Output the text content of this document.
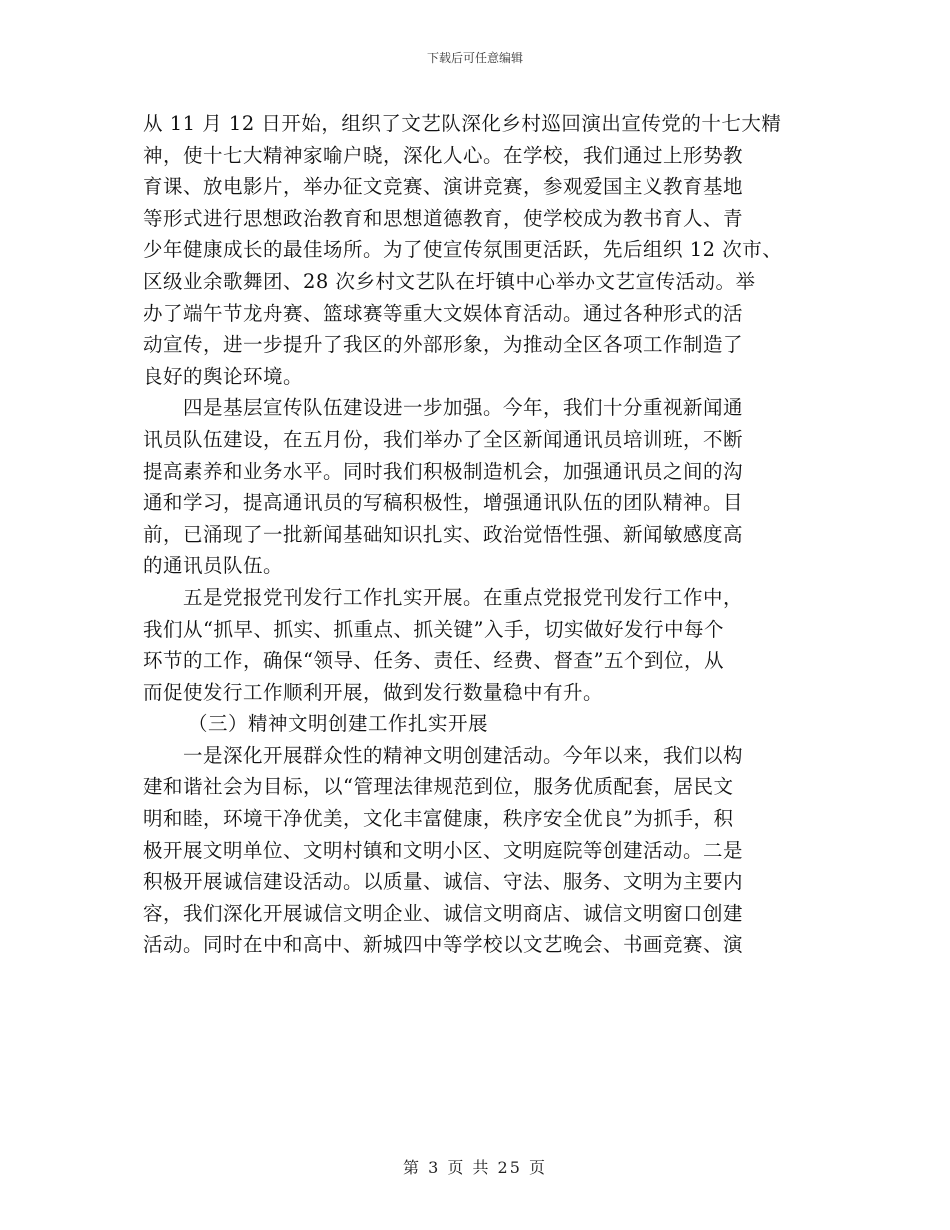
下载后可任意编辑
从 11 月 12 日开始，组织了文艺队深化乡村巡回演出宣传党的十七大精
神，使十七大精神家喻户晓，深化人心。在学校，我们通过上形势教
育课、放电影片，举办征文竞赛、演讲竞赛，参观爱国主义教育基地
等形式进行思想政治教育和思想道德教育，使学校成为教书育人、青
少年健康成长的最佳场所。为了使宣传氛围更活跃，先后组织 12 次市、
区级业余歌舞团、28 次乡村文艺队在圩镇中心举办文艺宣传活动。举
办了端午节龙舟赛、篮球赛等重大文娱体育活动。通过各种形式的活
动宣传，进一步提升了我区的外部形象，为推动全区各项工作制造了
良好的舆论环境。
四是基层宣传队伍建设进一步加强。今年，我们十分重视新闻通
讯员队伍建设，在五月份，我们举办了全区新闻通讯员培训班，不断
提高素养和业务水平。同时我们积极制造机会，加强通讯员之间的沟
通和学习，提高通讯员的写稿积极性，增强通讯队伍的团队精神。目
前，已涌现了一批新闻基础知识扎实、政治觉悟性强、新闻敏感度高
的通讯员队伍。
五是党报党刊发行工作扎实开展。在重点党报党刊发行工作中，
我们从“抓早、抓实、抓重点、抓关键”入手，切实做好发行中每个
环节的工作，确保“领导、任务、责任、经费、督查”五个到位，从
而促使发行工作顺利开展，做到发行数量稳中有升。
（三）精神文明创建工作扎实开展
一是深化开展群众性的精神文明创建活动。今年以来，我们以构
建和谐社会为目标，以“管理法律规范到位，服务优质配套，居民文
明和睦，环境干净优美，文化丰富健康，秩序安全优良”为抓手，积
极开展文明单位、文明村镇和文明小区、文明庭院等创建活动。二是
积极开展诚信建设活动。以质量、诚信、守法、服务、文明为主要内
容，我们深化开展诚信文明企业、诚信文明商店、诚信文明窗口创建
活动。同时在中和高中、新城四中等学校以文艺晚会、书画竞赛、演
第 3 页 共 25 页
